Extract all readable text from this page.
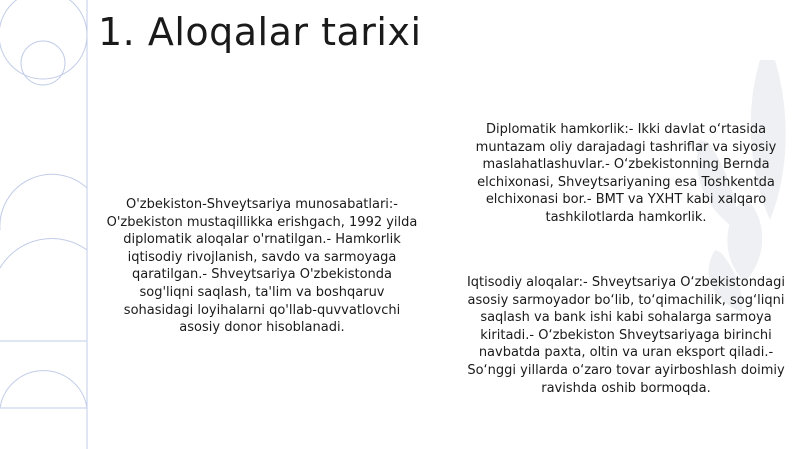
1. Aloqalar tarixi
O'zbekiston-Shveytsariya munosabatlari:- O'zbekiston mustaqillikka erishgach, 1992 yilda diplomatik aloqalar o'rnatilgan.- Hamkorlik iqtisodiy rivojlanish, savdo va sarmoyaga qaratilgan.- Shveytsariya O'zbekistonda sog'liqni saqlash, ta'lim va boshqaruv sohasidagi loyihalarni qo'llab-quvvatlovchi asosiy donor hisoblanadi.
Diplomatik hamkorlik:- Ikki davlat o‘rtasida muntazam oliy darajadagi tashriflar va siyosiy maslahatlashuvlar.- O‘zbekistonning Bernda elchixonasi, Shveytsariyaning esa Toshkentda elchixonasi bor.- BMT va YXHT kabi xalqaro tashkilotlarda hamkorlik.
Iqtisodiy aloqalar:- Shveytsariya O‘zbekistondagi asosiy sarmoyador bo‘lib, to‘qimachilik, sog‘liqni saqlash va bank ishi kabi sohalarga sarmoya kiritadi.- O‘zbekiston Shveytsariyaga birinchi navbatda paxta, oltin va uran eksport qiladi.- So‘nggi yillarda o‘zaro tovar ayirboshlash doimiy ravishda oshib bormoqda.
